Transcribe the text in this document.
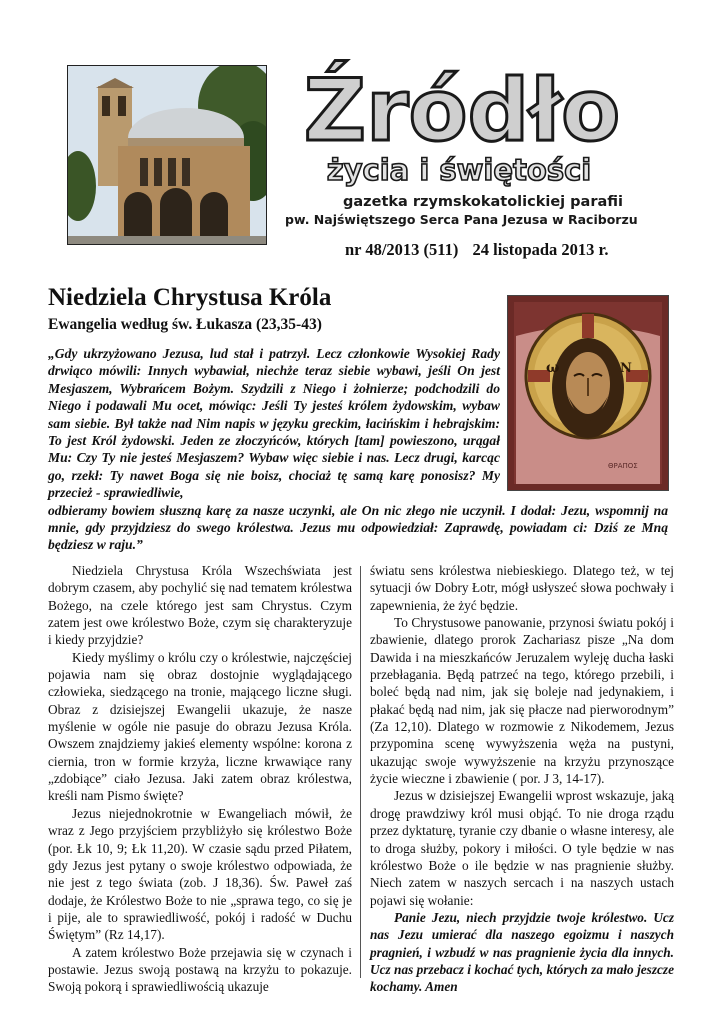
Źródło
życia i świętości
gazetka rzymskokatolickiej parafii
pw. Najświętszego Serca Pana Jezusa w Raciborzu
nr 48/2013 (511) 24 listopada 2013 r.
Niedziela Chrystusa Króla
Ewangelia według św. Łukasza (23,35-43)
ω	N
ΘΡΑΠΟΣ

„Gdy ukrzyżowano Jezusa, lud stał i patrzył. Lecz członkowie Wysokiej Rady drwiąco mówili: Innych wybawiał, niechże teraz siebie wybawi, jeśli On jest Mesjaszem, Wybrańcem Bożym. Szydzili z Niego i żołnierze; podchodzili do Niego i podawali Mu ocet, mówiąc: Jeśli Ty jesteś królem żydowskim, wybaw sam siebie. Był także nad Nim napis w języku greckim, łacińskim i hebrajskim: To jest Król żydowski. Jeden ze złoczyńców, których [tam] powieszono, urągał Mu: Czy Ty nie jesteś Mesjaszem? Wybaw więc siebie i nas. Lecz drugi, karcąc go, rzekł: Ty nawet Boga się nie boisz, chociaż tę samą karę ponosisz? My przecież - sprawiedliwie,

odbieramy bowiem słuszną karę za nasze uczynki, ale On nic złego nie uczynił. I dodał: Jezu, wspomnij na mnie, gdy przyjdziesz do swego królestwa. Jezus mu odpowiedział: Zaprawdę, powiadam ci: Dziś ze Mną będziesz w raju.”

Niedziela Chrystusa Króla Wszechświata jest dobrym czasem, aby pochylić się nad tematem królestwa Bożego, na czele którego jest sam Chrystus. Czym zatem jest owe królestwo Boże, czym się charakteryzuje i kiedy przyjdzie?

Kiedy myślimy o królu czy o królestwie, najczęściej pojawia nam się obraz dostojnie wyglądającego człowieka, siedzącego na tronie, mającego liczne sługi. Obraz z dzisiejszej Ewangelii ukazuje, że nasze myślenie w ogóle nie pasuje do obrazu Jezusa Króla. Owszem znajdziemy jakieś elementy wspólne: korona z ciernia, tron w formie krzyża, liczne krwawiące rany „zdobiące” ciało Jezusa. Jaki zatem obraz królestwa, kreśli nam Pismo święte?

Jezus niejednokrotnie w Ewangeliach mówił, że wraz z Jego przyjściem przybliżyło się królestwo Boże (por. Łk 10, 9; Łk 11,20). W czasie sądu przed Piłatem, gdy Jezus jest pytany o swoje królestwo odpowiada, że nie jest z tego świata (zob. J 18,36). Św. Paweł zaś dodaje, że Królestwo Boże to nie „sprawa tego, co się je i pije, ale to sprawiedliwość, pokój i radość w Duchu Świętym” (Rz 14,17).

A zatem królestwo Boże przejawia się w czynach i postawie. Jezus swoją postawą na krzyżu to pokazuje. Swoją pokorą i sprawiedliwością ukazuje

światu sens królestwa niebieskiego. Dlatego też, w tej sytuacji ów Dobry Łotr, mógł usłyszeć słowa pochwały i zapewnienia, że żyć będzie.

To Chrystusowe panowanie, przynosi światu pokój i zbawienie, dlatego prorok Zachariasz pisze „Na dom Dawida i na mieszkańców Jeruzalem wyleję ducha łaski przebłagania. Będą patrzeć na tego, którego przebili, i boleć będą nad nim, jak się boleje nad jedynakiem, i płakać będą nad nim, jak się płacze nad pierworodnym” (Za 12,10). Dlatego w rozmowie z Nikodemem, Jezus przypomina scenę wywyższenia węża na pustyni, ukazując swoje wywyższenie na krzyżu przynoszące życie wieczne i zbawienie ( por. J 3, 14-17).

Jezus w dzisiejszej Ewangelii wprost wskazuje, jaką drogę prawdziwy król musi objąć. To nie droga rządu przez dyktaturę, tyranie czy dbanie o własne interesy, ale to droga służby, pokory i miłości. O tyle będzie w nas królestwo Boże o ile będzie w nas pragnienie służby. Niech zatem w naszych sercach i na naszych ustach pojawi się wołanie:

Panie Jezu, niech przyjdzie twoje królestwo. Ucz nas Jezu umierać dla naszego egoizmu i naszych pragnień, i wzbudź w nas pragnienie życia dla innych. Ucz nas przebacz i kochać tych, których za mało jeszcze kochamy. Amen
